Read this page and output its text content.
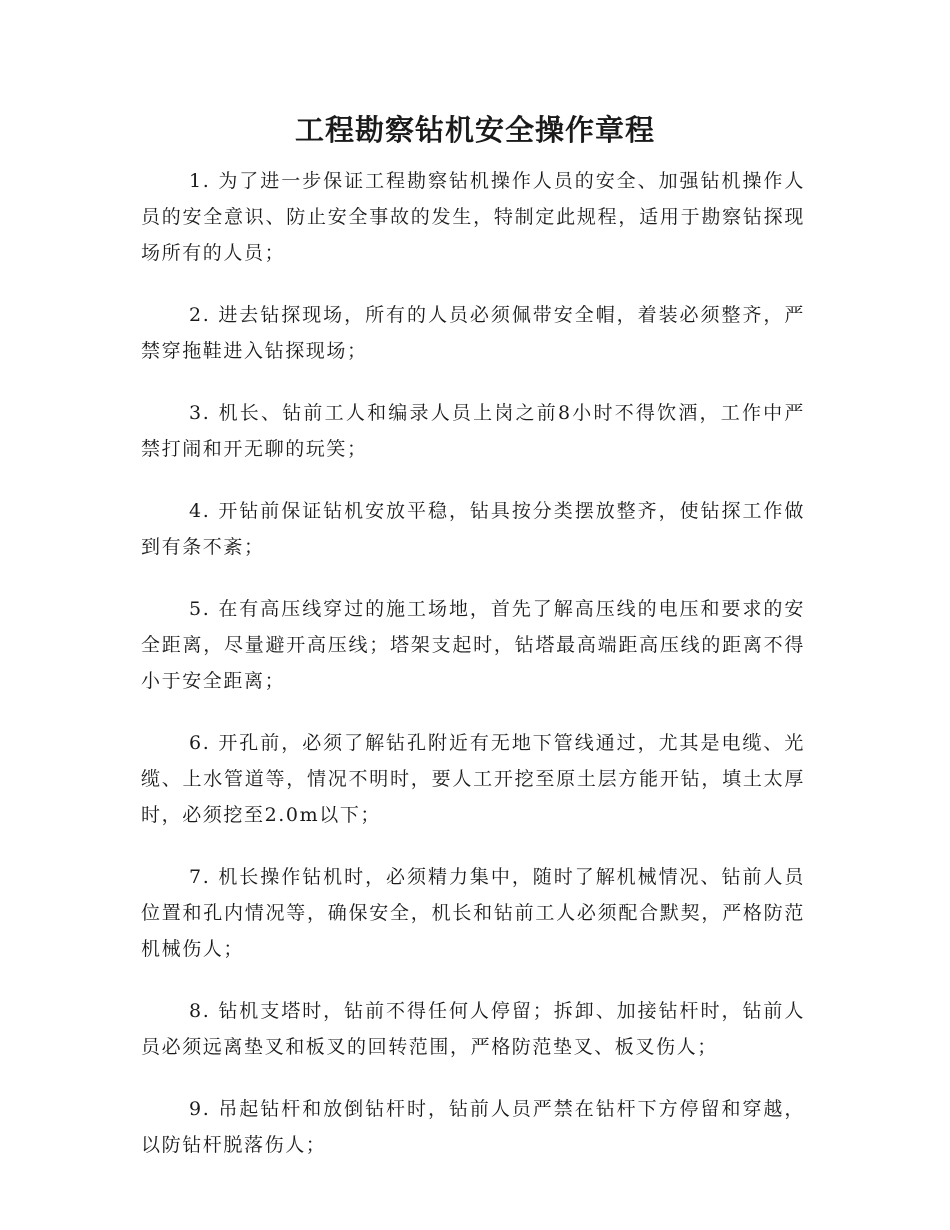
工程勘察钻机安全操作章程

1. 为了进一步保证工程勘察钻机操作人员的安全、加强钻机操作人员的安全意识、防止安全事故的发生，特制定此规程，适用于勘察钻探现场所有的人员；

2. 进去钻探现场，所有的人员必须佩带安全帽，着装必须整齐，严禁穿拖鞋进入钻探现场；

3. 机长、钻前工人和编录人员上岗之前8小时不得饮酒，工作中严禁打闹和开无聊的玩笑；

4. 开钻前保证钻机安放平稳，钻具按分类摆放整齐，使钻探工作做到有条不紊；

5. 在有高压线穿过的施工场地，首先了解高压线的电压和要求的安全距离，尽量避开高压线；塔架支起时，钻塔最高端距高压线的距离不得小于安全距离；

6. 开孔前，必须了解钻孔附近有无地下管线通过，尤其是电缆、光缆、上水管道等，情况不明时，要人工开挖至原土层方能开钻，填土太厚时，必须挖至2.0m以下；

7. 机长操作钻机时，必须精力集中，随时了解机械情况、钻前人员位置和孔内情况等，确保安全，机长和钻前工人必须配合默契，严格防范机械伤人；

8. 钻机支塔时，钻前不得任何人停留；拆卸、加接钻杆时，钻前人员必须远离垫叉和板叉的回转范围，严格防范垫叉、板叉伤人；

9. 吊起钻杆和放倒钻杆时，钻前人员严禁在钻杆下方停留和穿越，以防钻杆脱落伤人；
